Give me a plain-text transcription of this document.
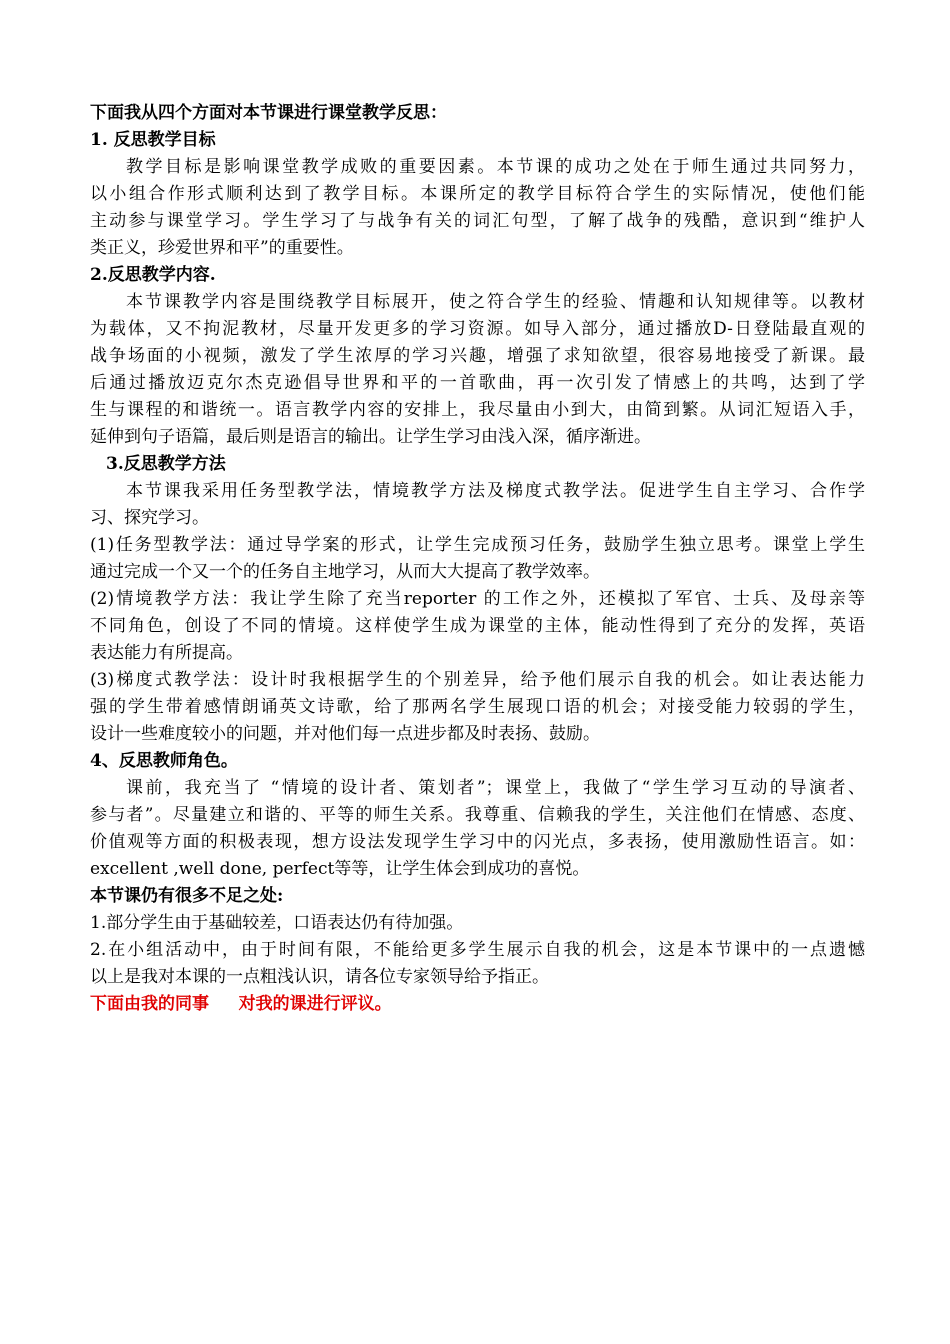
下面我从四个方面对本节课进行课堂教学反思：
1. 反思教学目标
教学目标是影响课堂教学成败的重要因素。本节课的成功之处在于师生通过共同努力，
以小组合作形式顺利达到了教学目标。本课所定的教学目标符合学生的实际情况，使他们能
主动参与课堂学习。学生学习了与战争有关的词汇句型，了解了战争的残酷，意识到“维护人
类正义，珍爱世界和平”的重要性。
2.反思教学内容.
本节课教学内容是围绕教学目标展开，使之符合学生的经验、情趣和认知规律等。以教材
为载体，又不拘泥教材，尽量开发更多的学习资源。如导入部分，通过播放D-日登陆最直观的
战争场面的小视频，激发了学生浓厚的学习兴趣，增强了求知欲望，很容易地接受了新课。最
后通过播放迈克尔杰克逊倡导世界和平的一首歌曲，再一次引发了情感上的共鸣，达到了学
生与课程的和谐统一。语言教学内容的安排上，我尽量由小到大，由简到繁。从词汇短语入手，
延伸到句子语篇，最后则是语言的输出。让学生学习由浅入深，循序渐进。
3.反思教学方法
本节课我采用任务型教学法，情境教学方法及梯度式教学法。促进学生自主学习、合作学
习、探究学习。
(1)任务型教学法：通过导学案的形式，让学生完成预习任务，鼓励学生独立思考。课堂上学生
通过完成一个又一个的任务自主地学习，从而大大提高了教学效率。
(2)情境教学方法：我让学生除了充当reporter 的工作之外，还模拟了军官、士兵、及母亲等
不同角色，创设了不同的情境。这样使学生成为课堂的主体，能动性得到了充分的发挥，英语
表达能力有所提高。
(3)梯度式教学法：设计时我根据学生的个别差异，给予他们展示自我的机会。如让表达能力
强的学生带着感情朗诵英文诗歌，给了那两名学生展现口语的机会；对接受能力较弱的学生，
设计一些难度较小的问题，并对他们每一点进步都及时表扬、鼓励。
4、反思教师角色。
课前，我充当了 “情境的设计者、策划者”；课堂上，我做了“学生学习互动的导演者、
参与者”。尽量建立和谐的、平等的师生关系。我尊重、信赖我的学生，关注他们在情感、态度、
价值观等方面的积极表现，想方设法发现学生学习中的闪光点，多表扬，使用激励性语言。如：
excellent ,well done, perfect等等，让学生体会到成功的喜悦。
本节课仍有很多不足之处:
1.部分学生由于基础较差，口语表达仍有待加强。
2.在小组活动中，由于时间有限，不能给更多学生展示自我的机会，这是本节课中的一点遗憾
以上是我对本课的一点粗浅认识，请各位专家领导给予指正。
下面由我的同事     对我的课进行评议。
